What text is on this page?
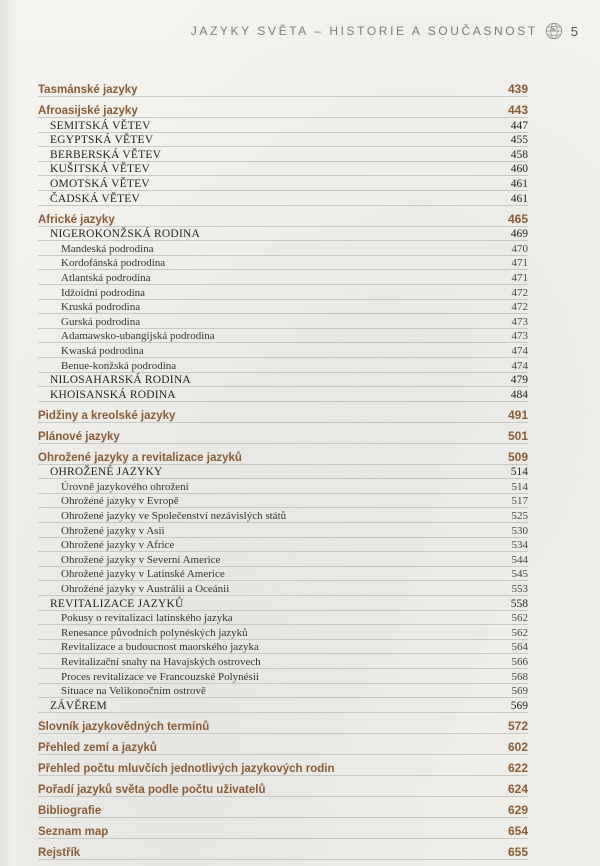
JAZYKY SVĚTA – HISTORIE A SOUČASNOST	5
Tasmánské jazyky	439
Afroasijské jazyky	443
SEMITSKÁ VĚTEV	447
EGYPTSKÁ VĚTEV	455
BERBERSKÁ VĚTEV	458
KUŠITSKÁ VĚTEV	460
OMOTSKÁ VĚTEV	461
ČADSKÁ VĚTEV	461
Africké jazyky	465
NIGEROKONŽSKÁ RODINA	469
Mandeská podrodina	470
Kordofánská podrodina	471
Atlantská podrodina	471
Idžoidní podrodina	472
Kruská podrodina	472
Gurská podrodina	473
Adamawsko-ubangijská podrodina	473
Kwaská podrodina	474
Benue-konžská podrodina	474
NILOSAHARSKÁ RODINA	479
KHOISANSKÁ RODINA	484
Pidžiny a kreolské jazyky	491
Plánové jazyky	501
Ohrožené jazyky a revitalizace jazyků	509
OHROŽENÉ JAZYKY	514
Úrovně jazykového ohrožení	514
Ohrožené jazyky v Evropě	517
Ohrožené jazyky ve Společenství nezávislých států	525
Ohrožené jazyky v Asii	530
Ohrožené jazyky v Africe	534
Ohrožené jazyky v Severní Americe	544
Ohrožené jazyky v Latinské Americe	545
Ohrožené jazyky v Austrálii a Oceánii	553
REVITALIZACE JAZYKŮ	558
Pokusy o revitalizaci latinského jazyka	562
Renesance původních polynéských jazyků	562
Revitalizace a budoucnost maorského jazyka	564
Revitalizační snahy na Havajských ostrovech	566
Proces revitalizace ve Francouzské Polynésii	568
Situace na Velikonočním ostrově	569
ZÁVĚREM	569
Slovník jazykovědných termínů	572
Přehled zemí a jazyků	602
Přehled počtu mluvčích jednotlivých jazykových rodin	622
Pořadí jazyků světa podle počtu uživatelů	624
Bibliografie	629
Seznam map	654
Rejstřík	655
